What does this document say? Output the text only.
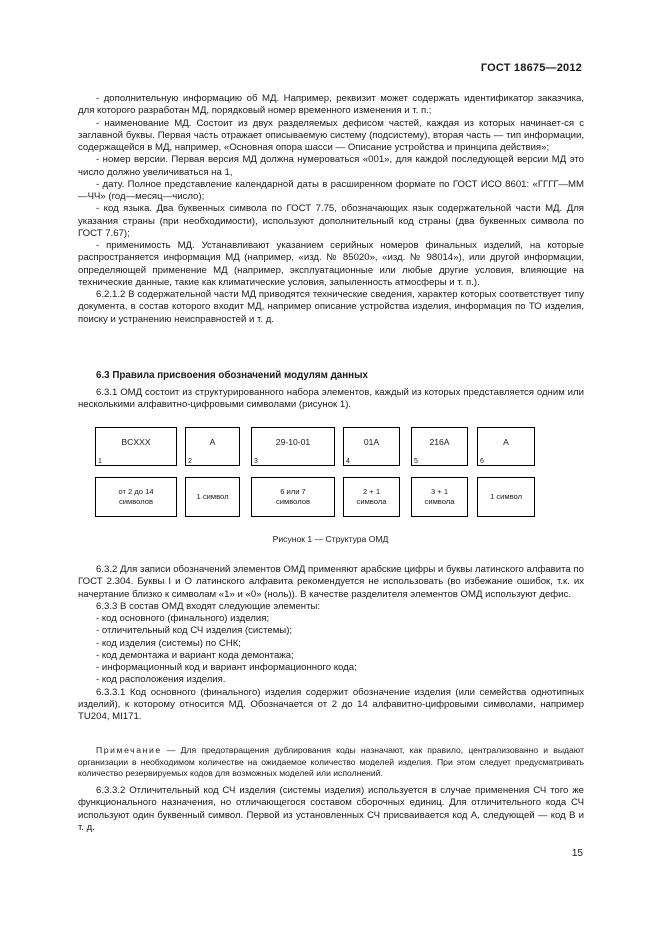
ГОСТ 18675—2012

- дополнительную информацию об МД. Например, реквизит может содержать идентификатор заказчика, для которого разработан МД, порядковый номер временного изменения и т. п.;

- наименование МД. Состоит из двух разделяемых дефисом частей, каждая из которых начинает-ся с заглавной буквы. Первая часть отражает описываемую систему (подсистему), вторая часть — тип информации, содержащейся в МД, например, «Основная опора шасси — Описание устройства и принципа действия»;

- номер версии. Первая версия МД должна нумероваться «001», для каждой последующей версии МД это число должно увеличиваться на 1,

- дату. Полное представление календарной даты в расширенном формате по ГОСТ ИСО 8601: «ГГГГ—ММ—ЧЧ» (год—месяц—число);

- код языка. Два буквенных символа по ГОСТ 7.75, обозначающих язык содержательной части МД. Для указания страны (при необходимости), используют дополнительный код страны (два буквенных символа по ГОСТ 7.67);

- применимость МД. Устанавливают указанием серийных номеров финальных изделий, на которые распространяется информация МД (например, «изд. № 85020», «изд. № 98014»), или другой информации, определяющей применение МД (например, эксплуатационные или любые другие условия, влияющие на технические данные, такие как климатические условия, запыленность атмосферы и т. п.).

6.2.1.2 В содержательной части МД приводятся технические сведения, характер которых соответствует типу документа, в состав которого входит МД, например описание устройства изделия, информация по ТО изделия, поиску и устранению неисправностей и т. д.

6.3 Правила присвоения обозначений модулям данных

6.3.1 ОМД состоит из структурированного набора элементов, каждый из которых представляется одним или несколькими алфавитно-цифровыми символами (рисунок 1).

BCXXX
1
от 2 до 14
символов
A
2
1 символ
29-10-01
3
6 или 7
символов
01A
4
2 + 1
символа
216A
5
3 + 1
символа
A
6
1 символ
Рисунок 1 — Структура ОМД

6.3.2 Для записи обозначений элементов ОМД применяют арабские цифры и буквы латинского алфавита по ГОСТ 2.304. Буквы I и О латинского алфавита рекомендуется не использовать (во избежание ошибок, т.к. их начертание близко к символам «1» и «0» (ноль)). В качестве разделителя элементов ОМД используют дефис.

6.3.3 В состав ОМД входят следующие элементы:

- код основного (финального) изделия;

- отличительный код СЧ изделия (системы);

- код изделия (системы) по СНК;

- код демонтажа и вариант кода демонтажа;

- информационный код и вариант информационного кода;

- код расположения изделия.

6.3.3.1 Код основного (финального) изделия содержит обозначение изделия (или семейства однотипных изделий), к которому относится МД. Обозначается от 2 до 14 алфавитно-цифровыми символами, например TU204, MI171.

Примечание — Для предотвращения дублирования коды назначают, как правило, централизованно и выдают организации в необходимом количестве на ожидаемое количество моделей изделия. При этом следует предусматривать количество резервируемых кодов для возможных моделей или исполнений.

6.3.3.2 Отличительный код СЧ изделия (системы изделия) используется в случае применения СЧ того же функционального назначения, но отличающегося составом сборочных единиц. Для отличительного кода СЧ используют один буквенный символ. Первой из установленных СЧ присваивается код А, следующей — код В и т. д.

15
